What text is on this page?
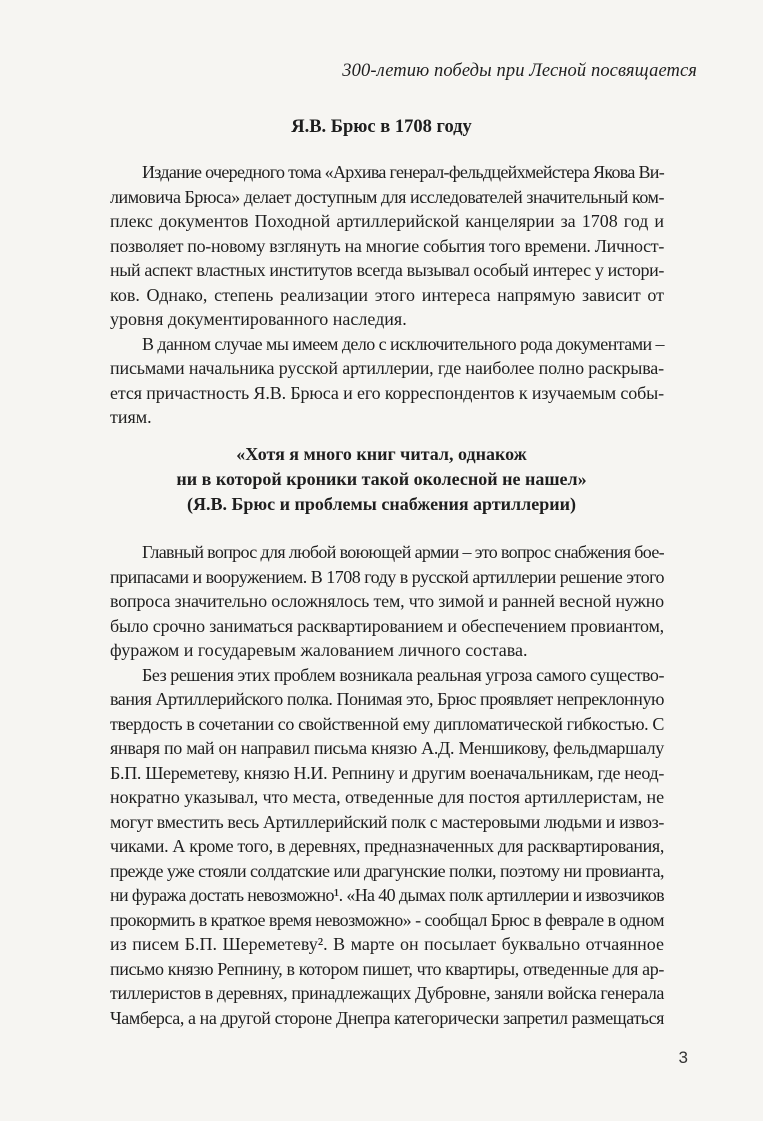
300-летию победы при Лесной посвящается
Я.В. Брюс в 1708 году
Издание очередного тома «Архива генерал-фельдцейхмейстера Якова Ви-
лимовича Брюса» делает доступным для исследователей значительный ком-
плекс документов Походной артиллерийской канцелярии за 1708 год и
позволяет по-новому взглянуть на многие события того времени. Личност-
ный аспект властных институтов всегда вызывал особый интерес у истори-
ков. Однако, степень реализации этого интереса напрямую зависит от
уровня документированного наследия.
В данном случае мы имеем дело с исключительного рода документами –
письмами начальника русской артиллерии, где наиболее полно раскрыва-
ется причастность Я.В. Брюса и его корреспондентов к изучаемым собы-
тиям.
«Хотя я много книг читал, однакож
ни в которой кроники такой околесной не нашел»
(Я.В. Брюс и проблемы снабжения артиллерии)
Главный вопрос для любой воюющей армии – это вопрос снабжения бое-
припасами и вооружением. В 1708 году в русской артиллерии решение этого
вопроса значительно осложнялось тем, что зимой и ранней весной нужно
было срочно заниматься расквартированием и обеспечением провиантом,
фуражом и государевым жалованием личного состава.
Без решения этих проблем возникала реальная угроза самого существо-
вания Артиллерийского полка. Понимая это, Брюс проявляет непреклонную
твердость в сочетании со свойственной ему дипломатической гибкостью. С
января по май он направил письма князю А.Д. Меншикову, фельдмаршалу
Б.П. Шереметеву, князю Н.И. Репнину и другим военачальникам, где неод-
нократно указывал, что места, отведенные для постоя артиллеристам, не
могут вместить весь Артиллерийский полк с мастеровыми людьми и извоз-
чиками. А кроме того, в деревнях, предназначенных для расквартирования,
прежде уже стояли солдатские или драгунские полки, поэтому ни провианта,
ни фуража достать невозможно¹. «На 40 дымах полк артиллерии и извозчиков
прокормить в краткое время невозможно» - сообщал Брюс в феврале в одном
из писем Б.П. Шереметеву². В марте он посылает буквально отчаянное
письмо князю Репнину, в котором пишет, что квартиры, отведенные для ар-
тиллеристов в деревнях, принадлежащих Дубровне, заняли войска генерала
Чамберса, а на другой стороне Днепра категорически запретил размещаться
3
